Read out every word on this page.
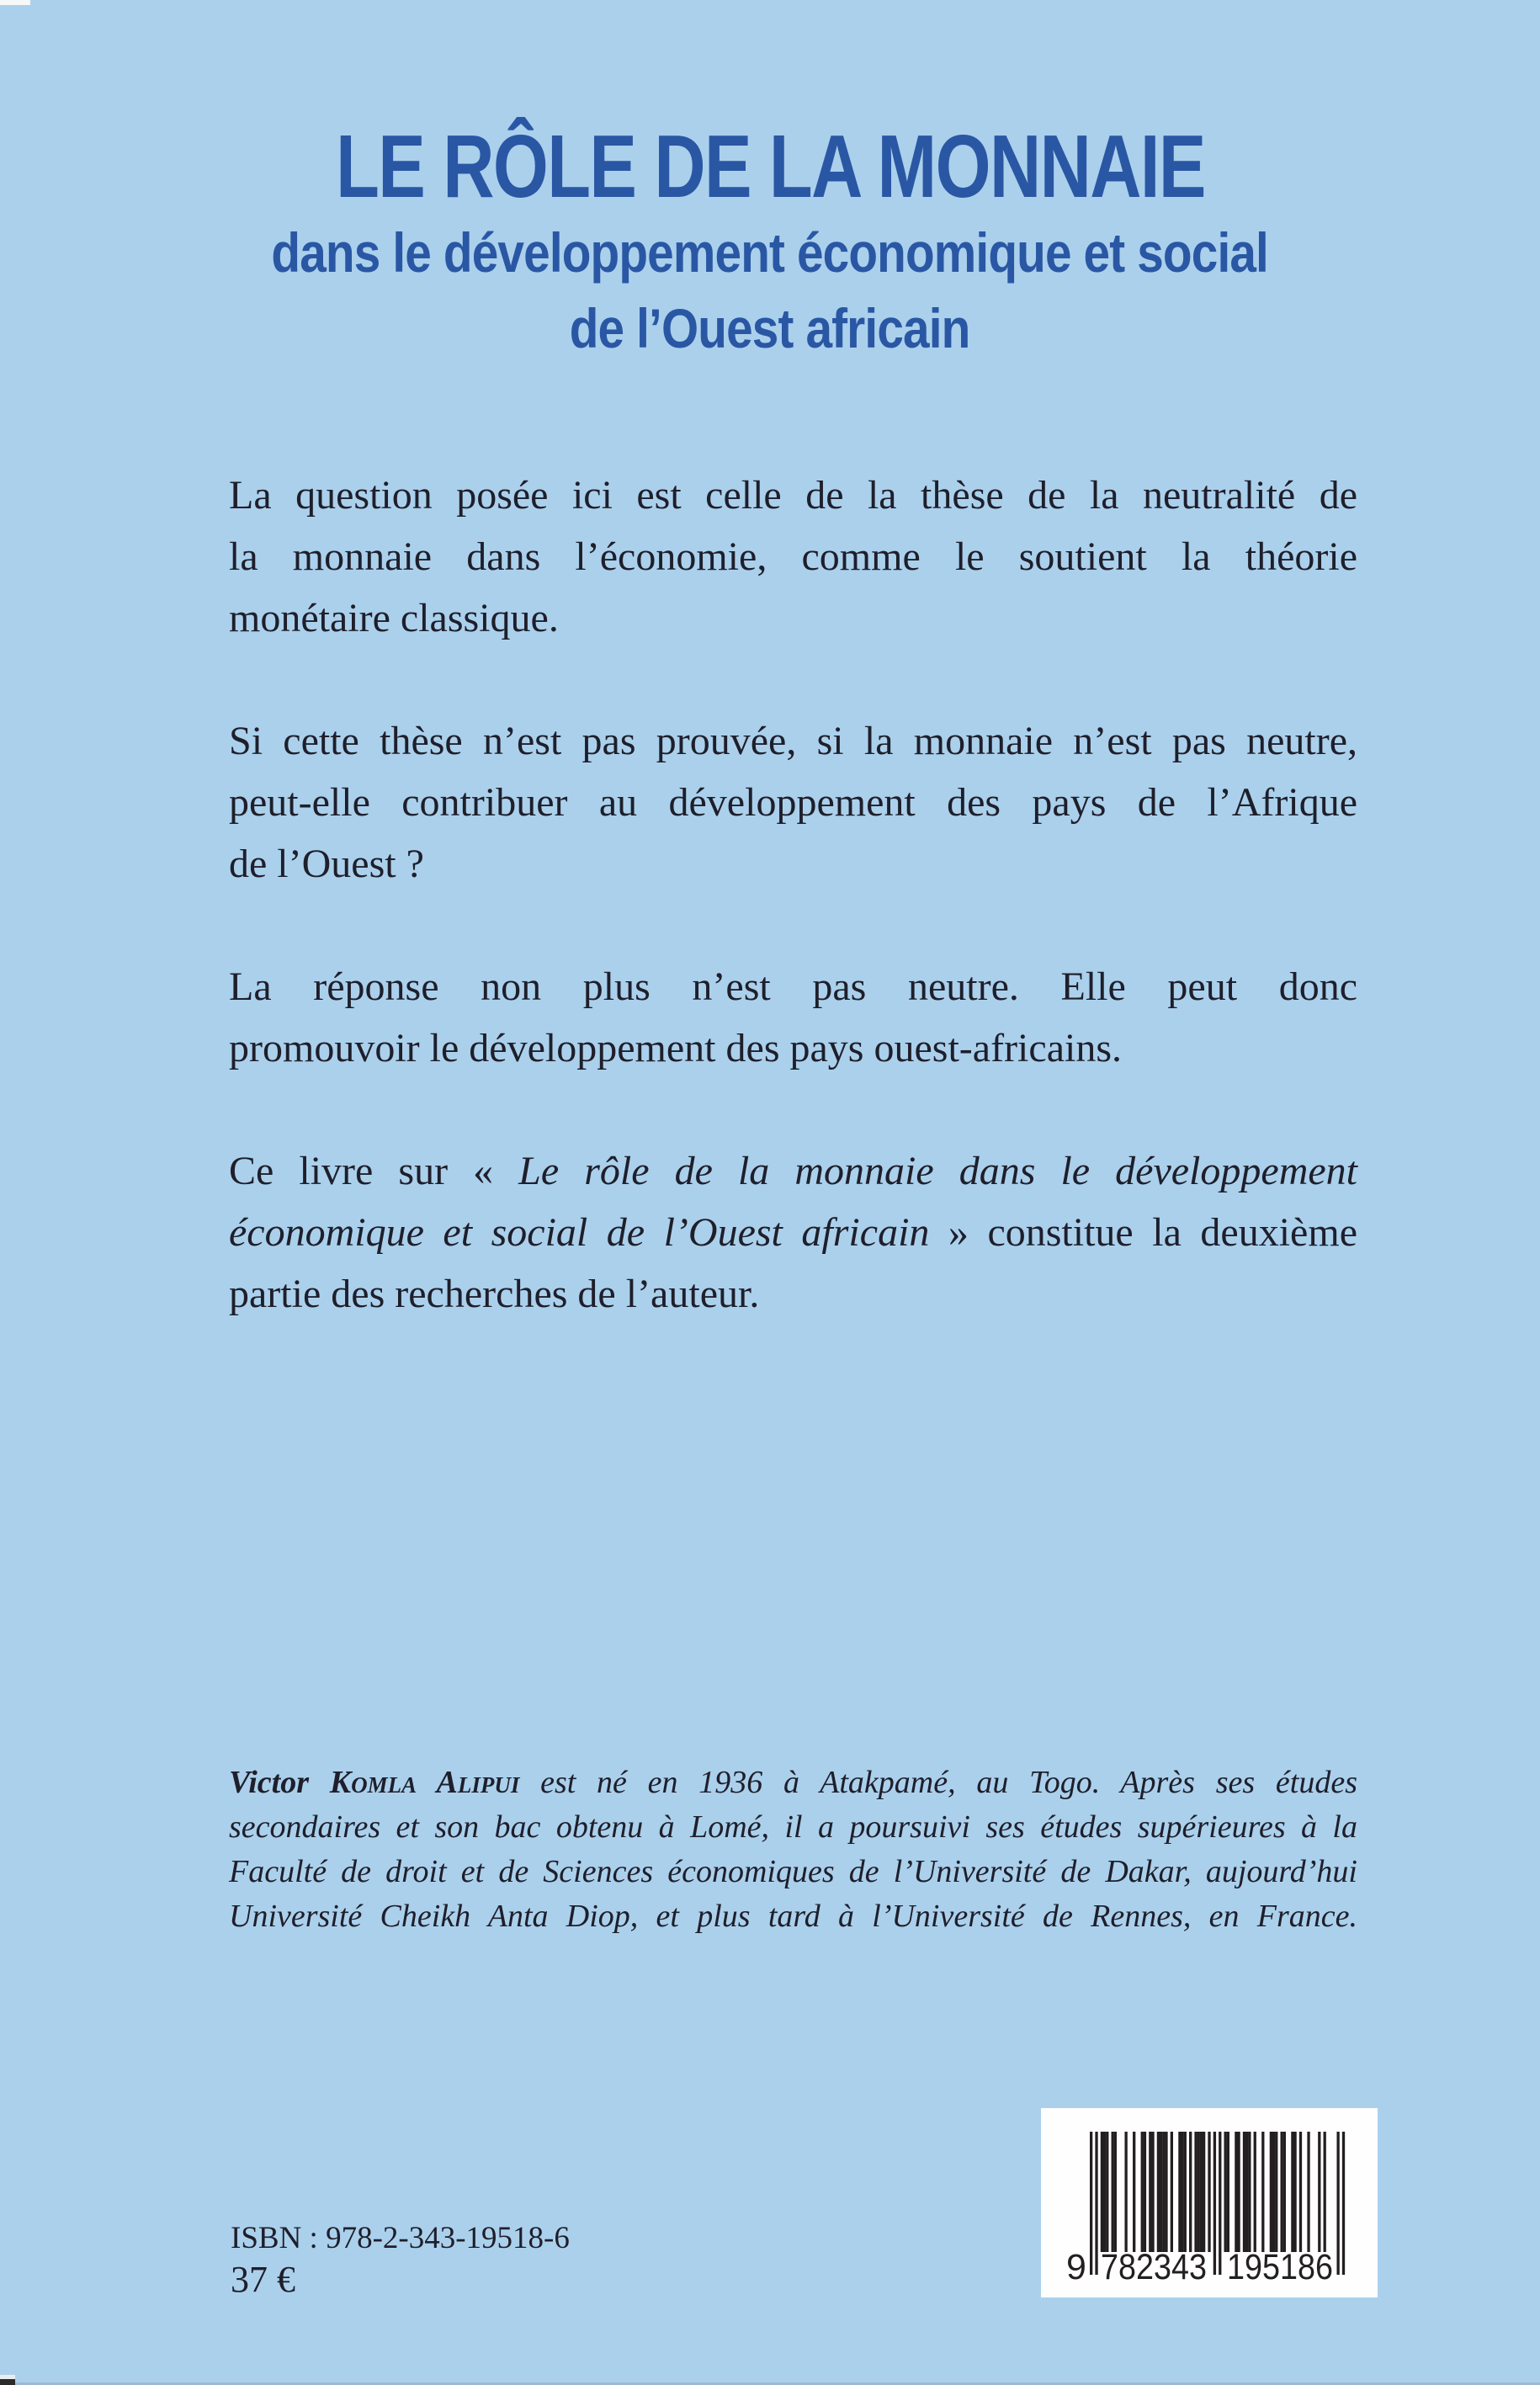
LE RÔLE DE LA MONNAIE
dans le développement économique et social
de l’Ouest africain
La question posée ici est celle de la thèse de la neutralité de
la monnaie dans l’économie, comme le soutient la théorie
monétaire classique.
Si cette thèse n’est pas prouvée, si la monnaie n’est pas neutre,
peut-elle contribuer au développement des pays de l’Afrique
de l’Ouest ?
La réponse non plus n’est pas neutre. Elle peut donc
promouvoir le développement des pays ouest-africains.
Ce livre sur « Le rôle de la monnaie dans le développement
économique et social de l’Ouest africain » constitue la deuxième
partie des recherches de l’auteur.
Victor Komla Alipui est né en 1936 à Atakpamé, au Togo. Après ses études
secondaires et son bac obtenu à Lomé, il a poursuivi ses études supérieures à la
Faculté de droit et de Sciences économiques de l’Université de Dakar, aujourd’hui
Université Cheikh Anta Diop, et plus tard à l’Université de Rennes, en France.
ISBN : 978-2-343-19518-6
37 €	9 782343 195186
